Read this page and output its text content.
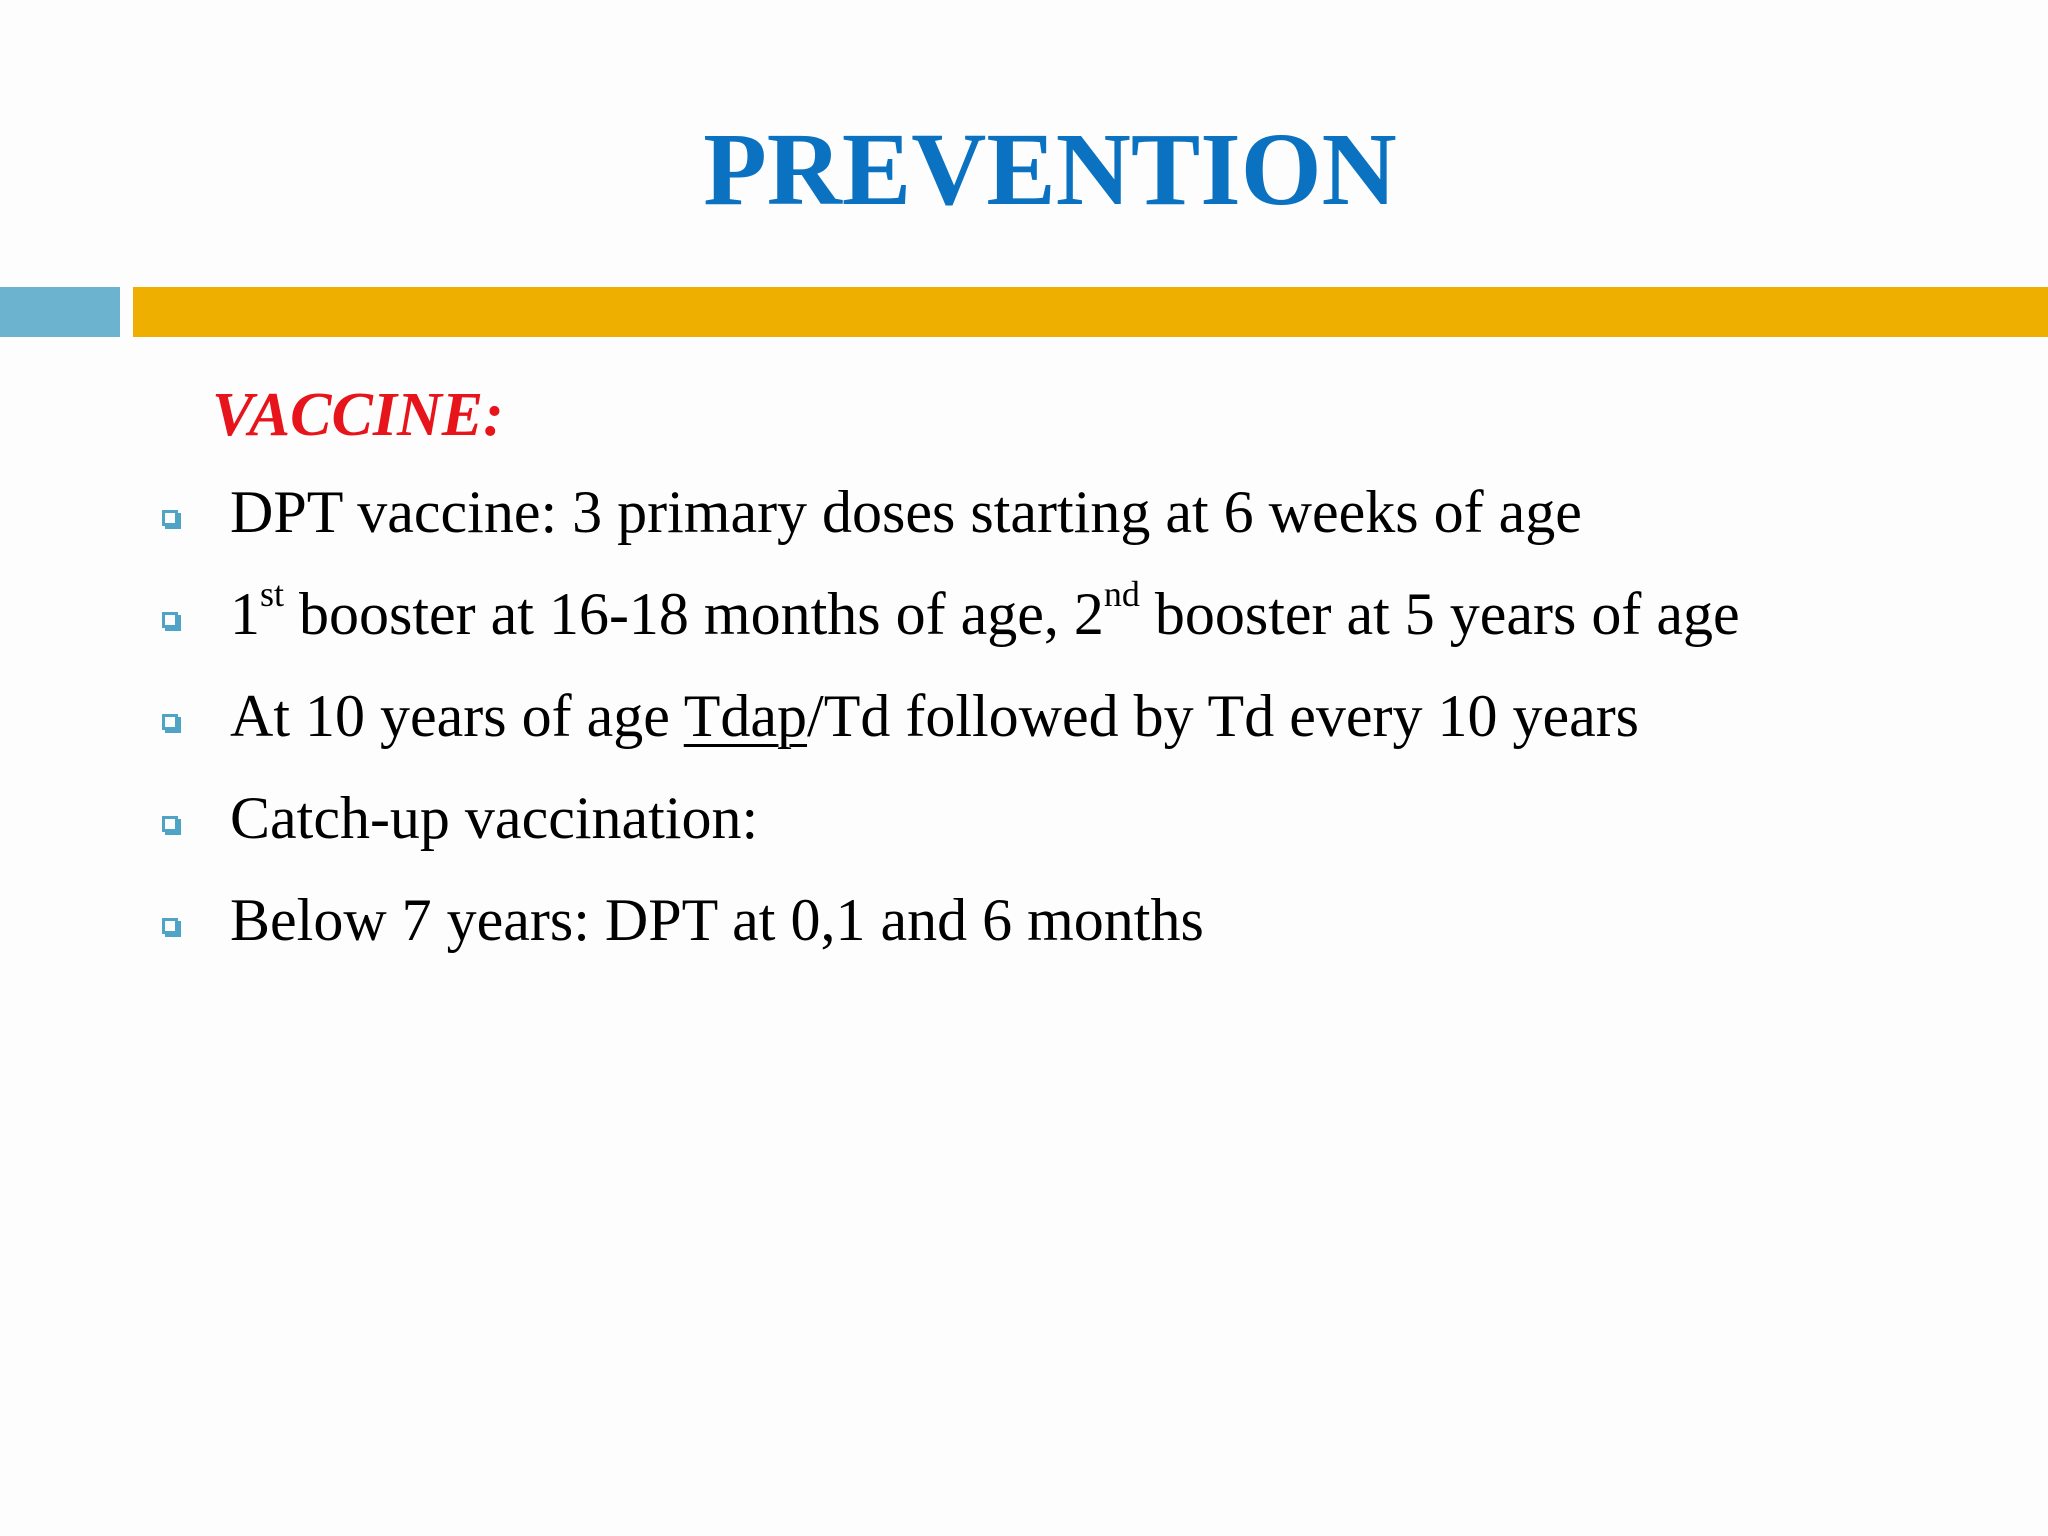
PREVENTION
VACCINE:
DPT vaccine: 3 primary doses starting at 6 weeks of age
1st booster at 16-18 months of age, 2nd booster at 5 years of age
At 10 years of age Tdap/Td followed by Td every 10 years
Catch-up vaccination:
Below 7 years: DPT at 0,1 and 6 months
